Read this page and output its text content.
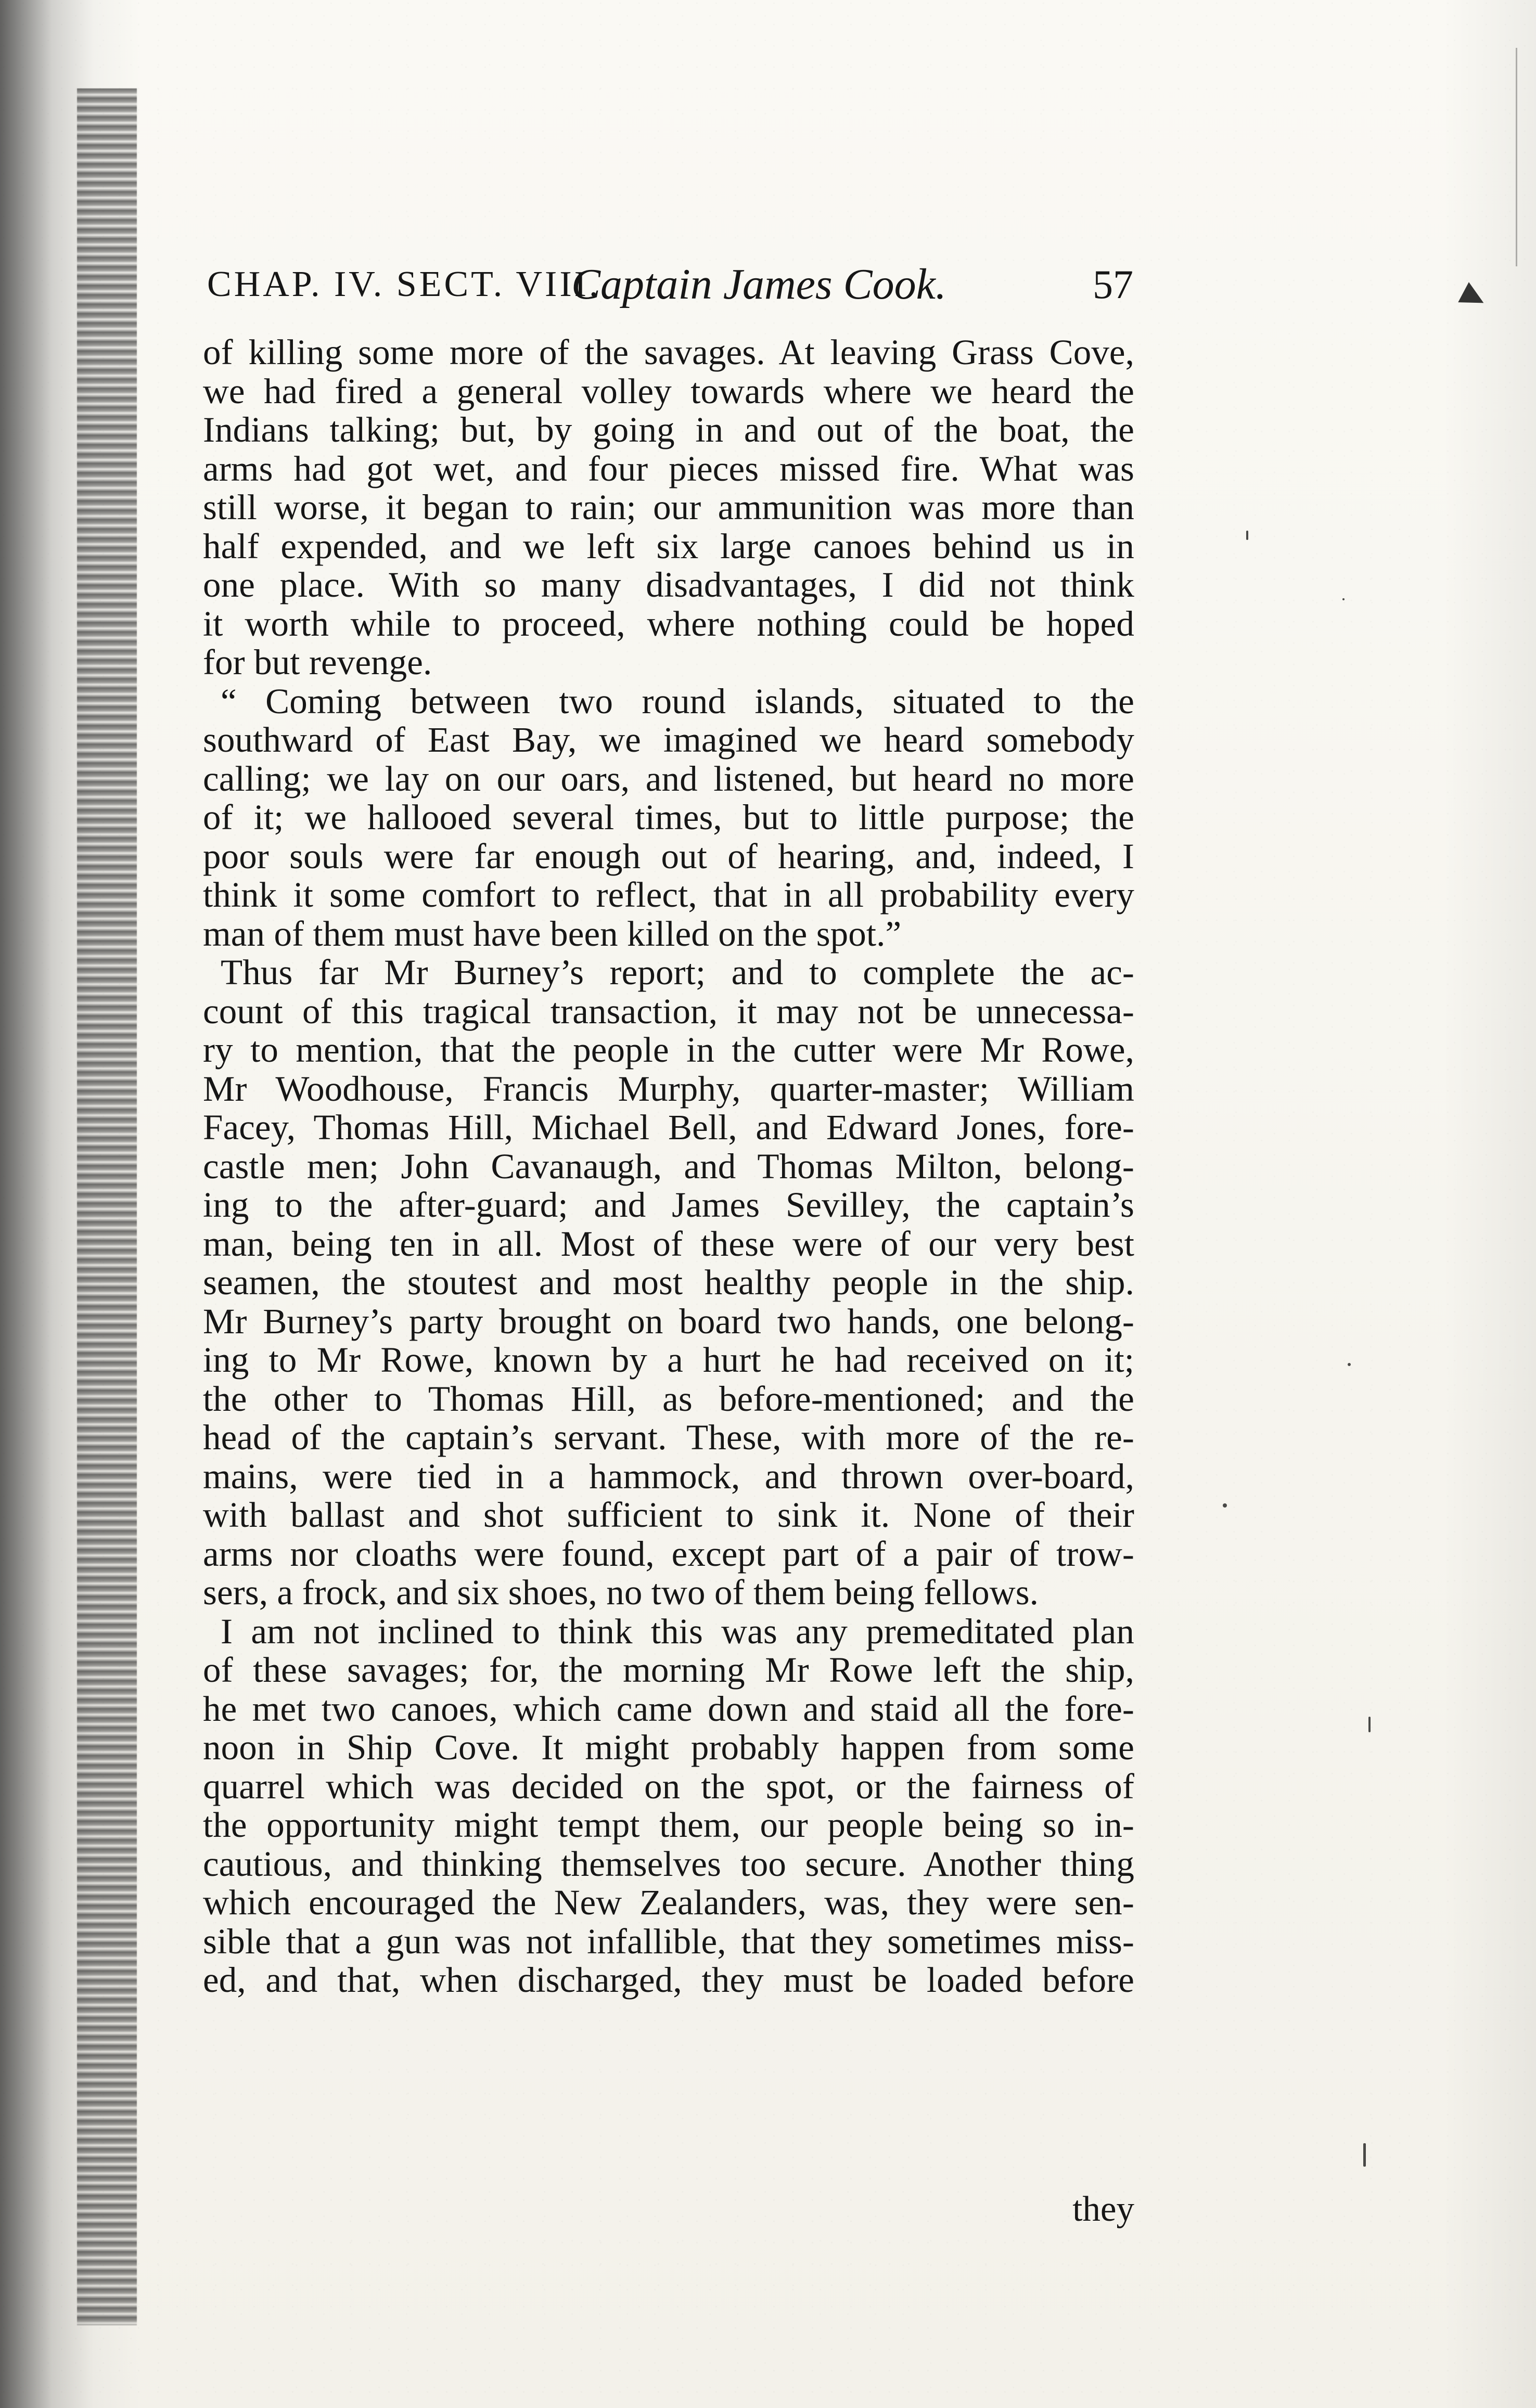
CHAP. IV. SECT. VIII.
Captain James Cook.	57
of killing some more of the savages. At leaving Grass Cove,
we had fired a general volley towards where we heard the
Indians talking; but, by going in and out of the boat, the
arms had got wet, and four pieces missed fire. What was
still worse, it began to rain; our ammunition was more than
half expended, and we left six large canoes behind us in
one place. With so many disadvantages, I did not think
it worth while to proceed, where nothing could be hoped
for but revenge.
“ Coming between two round islands, situated to the
southward of East Bay, we imagined we heard somebody
calling; we lay on our oars, and listened, but heard no more
of it; we hallooed several times, but to little purpose; the
poor souls were far enough out of hearing, and, indeed, I
think it some comfort to reflect, that in all probability every
man of them must have been killed on the spot.”
Thus far Mr Burney’s report; and to complete the ac-
count of this tragical transaction, it may not be unnecessa-
ry to mention, that the people in the cutter were Mr Rowe,
Mr Woodhouse, Francis Murphy, quarter-master; William
Facey, Thomas Hill, Michael Bell, and Edward Jones, fore-
castle men; John Cavanaugh, and Thomas Milton, belong-
ing to the after-guard; and James Sevilley, the captain’s
man, being ten in all. Most of these were of our very best
seamen, the stoutest and most healthy people in the ship.
Mr Burney’s party brought on board two hands, one belong-
ing to Mr Rowe, known by a hurt he had received on it;
the other to Thomas Hill, as before-mentioned; and the
head of the captain’s servant. These, with more of the re-
mains, were tied in a hammock, and thrown over-board,
with ballast and shot sufficient to sink it. None of their
arms nor cloaths were found, except part of a pair of trow-
sers, a frock, and six shoes, no two of them being fellows.
I am not inclined to think this was any premeditated plan
of these savages; for, the morning Mr Rowe left the ship,
he met two canoes, which came down and staid all the fore-
noon in Ship Cove. It might probably happen from some
quarrel which was decided on the spot, or the fairness of
the opportunity might tempt them, our people being so in-
cautious, and thinking themselves too secure. Another thing
which encouraged the New Zealanders, was, they were sen-
sible that a gun was not infallible, that they sometimes miss-
ed, and that, when discharged, they must be loaded before
they
